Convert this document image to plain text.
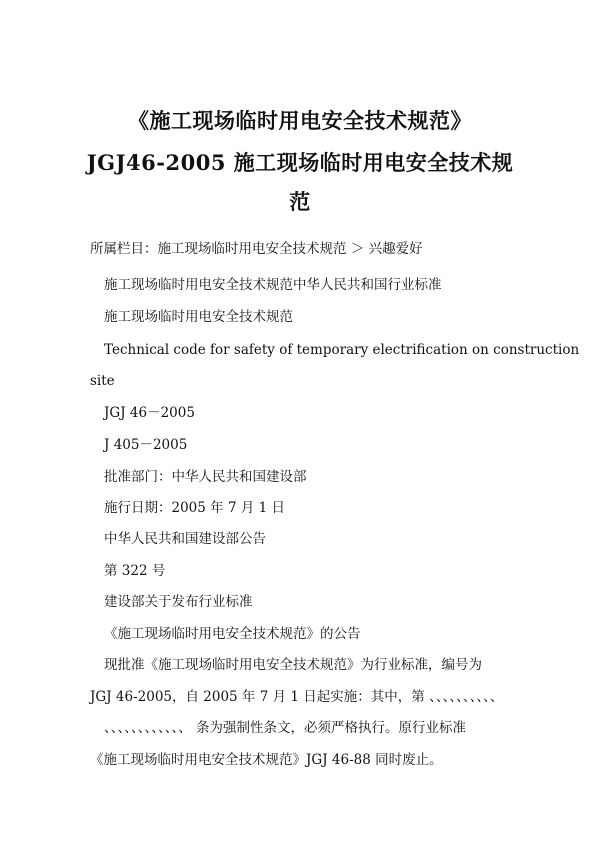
《施工现场临时用电安全技术规范》
JGJ46-2005 施工现场临时用电安全技术规
范
所属栏目：施工现场临时用电安全技术规范 ＞ 兴趣爱好
施工现场临时用电安全技术规范中华人民共和国行业标准
施工现场临时用电安全技术规范
Technical code for safety of temporary electrification on construction
site
JGJ 46－2005
J 405－2005
批准部门：中华人民共和国建设部
施行日期：2005 年 7 月 1 日
中华人民共和国建设部公告
第 322 号
建设部关于发布行业标准
《施工现场临时用电安全技术规范》的公告
现批准《施工现场临时用电安全技术规范》为行业标准，编号为
JGJ 46-2005，自 2005 年 7 月 1 日起实施：其中，第 、、、、、、、、、、
、、、、、、、、、、、、 条为强制性条文，必须严格执行。原行业标准
《施工现场临时用电安全技术规范》JGJ 46-88 同时废止。
